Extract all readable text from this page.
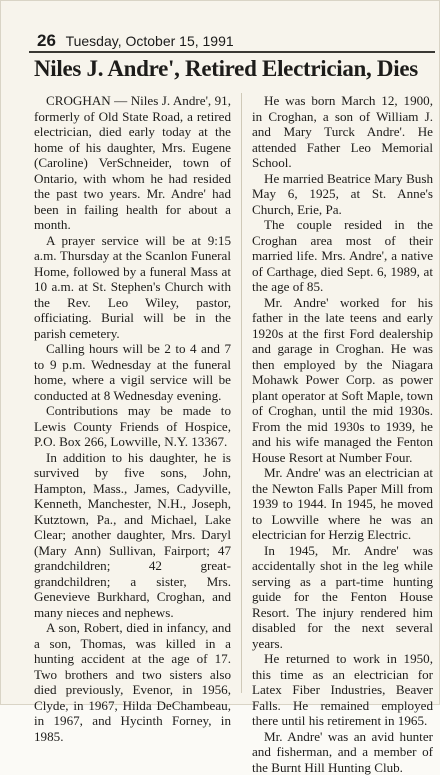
26 Tuesday, October 15, 1991
Niles J. Andre', Retired Electrician, Dies

CROGHAN — Niles J. Andre', 91, formerly of Old State Road, a retired electrician, died early today at the home of his daughter, Mrs. Eugene (Caroline) VerSchneider, town of Ontario, with whom he had resided the past two years. Mr. Andre' had been in failing health for about a month.

A prayer service will be at 9:15 a.m. Thursday at the Scanlon Funeral Home, followed by a funeral Mass at 10 a.m. at St. Stephen's Church with the Rev. Leo Wiley, pastor, officiating. Burial will be in the parish cemetery.

Calling hours will be 2 to 4 and 7 to 9 p.m. Wednesday at the funeral home, where a vigil service will be conducted at 8 Wednesday evening.

Contributions may be made to Lewis County Friends of Hospice, P.O. Box 266, Lowville, N.Y. 13367.

In addition to his daughter, he is survived by five sons, John, Hampton, Mass., James, Cadyville, Kenneth, Manchester, N.H., Joseph, Kutztown, Pa., and Michael, Lake Clear; another daughter, Mrs. Daryl (Mary Ann) Sullivan, Fairport; 47 grandchildren; 42 great-grandchildren; a sister, Mrs. Genevieve Burkhard, Croghan, and many nieces and nephews.

A son, Robert, died in infancy, and a son, Thomas, was killed in a hunting accident at the age of 17. Two brothers and two sisters also died previously, Evenor, in 1956, Clyde, in 1967, Hilda DeChambeau, in 1967, and Hycinth Forney, in 1985.

He was born March 12, 1900, in Croghan, a son of William J. and Mary Turck Andre'. He attended Father Leo Memorial School.

He married Beatrice Mary Bush May 6, 1925, at St. Anne's Church, Erie, Pa.

The couple resided in the Croghan area most of their married life. Mrs. Andre', a native of Carthage, died Sept. 6, 1989, at the age of 85.

Mr. Andre' worked for his father in the late teens and early 1920s at the first Ford dealership and garage in Croghan. He was then employed by the Niagara Mohawk Power Corp. as power plant operator at Soft Maple, town of Croghan, until the mid 1930s. From the mid 1930s to 1939, he and his wife managed the Fenton House Resort at Number Four.

Mr. Andre' was an electrician at the Newton Falls Paper Mill from 1939 to 1944. In 1945, he moved to Lowville where he was an electrician for Herzig Electric.

In 1945, Mr. Andre' was accidentally shot in the leg while serving as a part-time hunting guide for the Fenton House Resort. The injury rendered him disabled for the next several years.

He returned to work in 1950, this time as an electrician for Latex Fiber Industries, Beaver Falls. He remained employed there until his retirement in 1965.

Mr. Andre' was an avid hunter and fisherman, and a member of the Burnt Hill Hunting Club.
